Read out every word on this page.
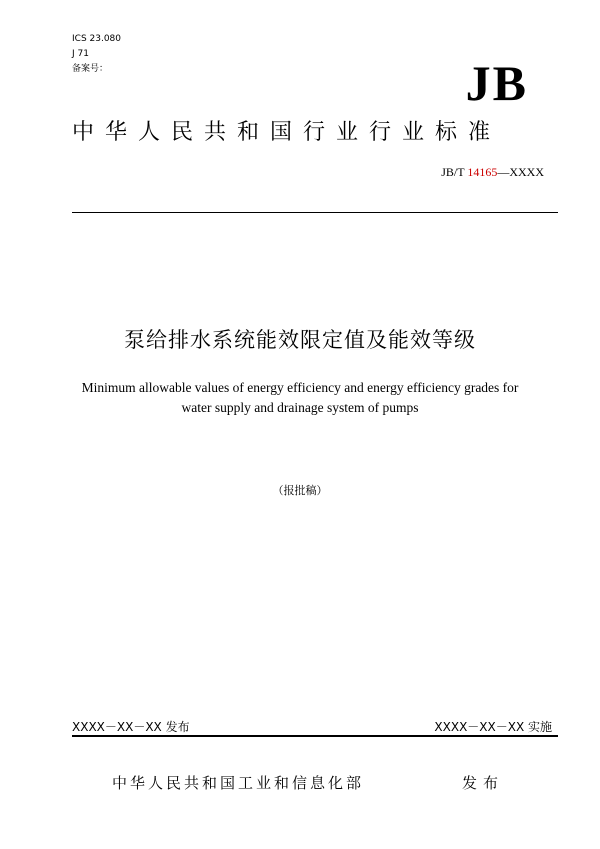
ICS 23.080
J 71
备案号：	JB
中华人民共和国行业行业标准
JB/T 14165—XXXX
泵给排水系统能效限定值及能效等级
Minimum allowable values of energy efficiency and energy efficiency grades for
water supply and drainage system of pumps
（报批稿）
XXXX－XX－XX 发布	XXXX－XX－XX 实施
中华人民共和国工业和信息化部	发布
